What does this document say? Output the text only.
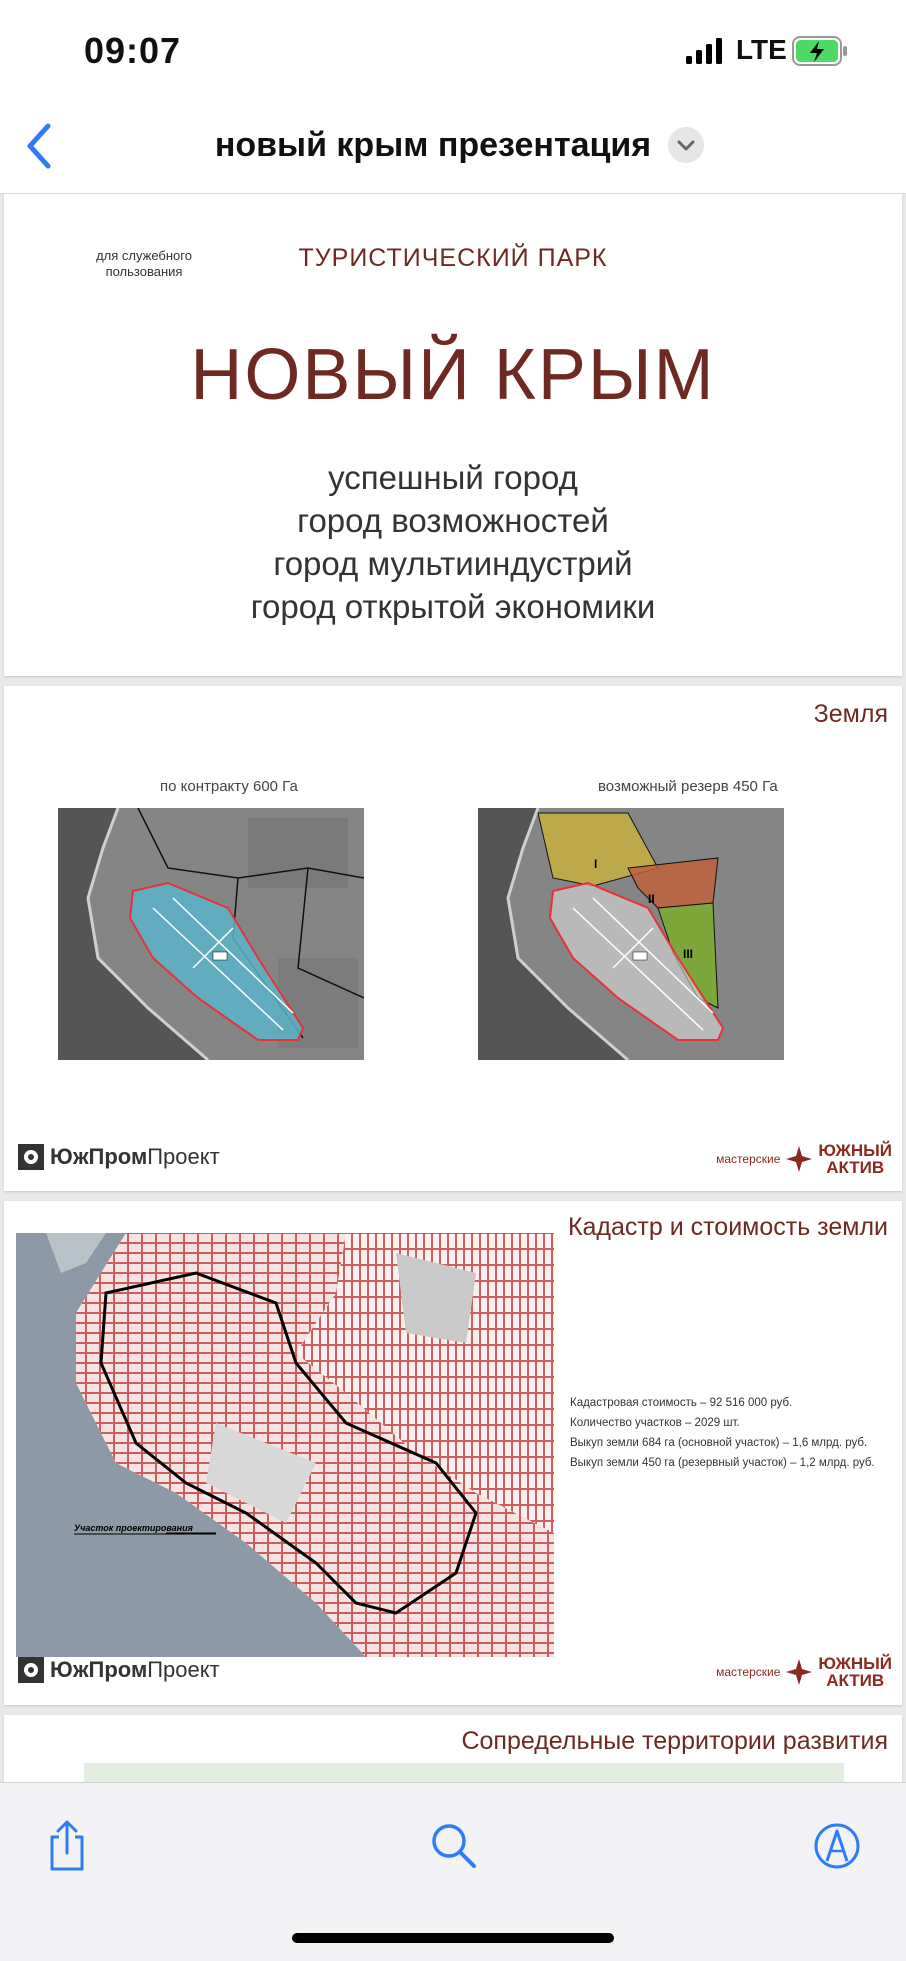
09:07	LTE
новый крым презентация
для служебного пользования	ТУРИСТИЧЕСКИЙ ПАРК
НОВЫЙ КРЫМ
успешный город
город возможностей
город мультииндустрий
город открытой экономики
Земля
по контракту 600 Га	возможный резерв 450 Га
I
II
III
ЮжПромПроект	мастерские ЮЖНЫЙ
АКТИВ
Кадастр и стоимость земли
Участок проектирования
Кадастровая стоимость – 92 516 000 руб.
Количество участков – 2029 шт.
Выкуп земли 684 га (основной участок) – 1,6 млрд. руб.
Выкуп земли 450 га (резервный участок) – 1,2 млрд. руб.
ЮжПромПроект	мастерские ЮЖНЫЙ
АКТИВ
Сопредельные территории развития
